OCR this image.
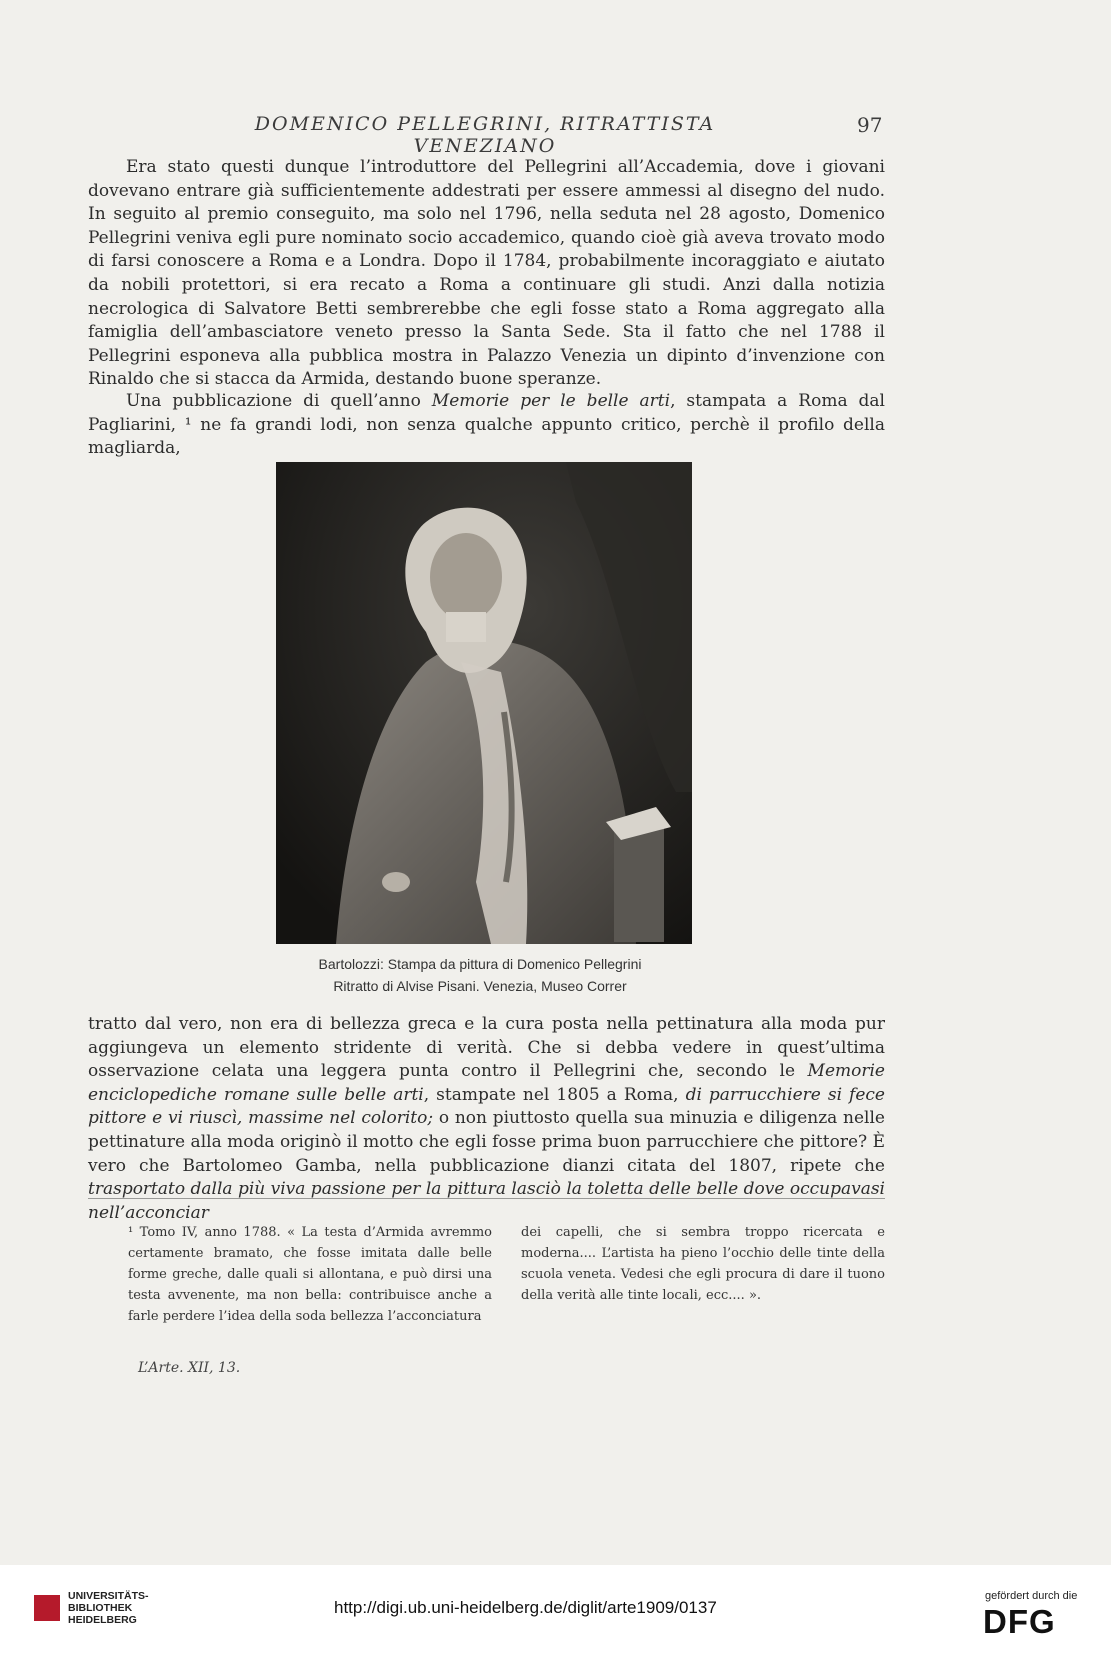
DOMENICO PELLEGRINI, RITRATTISTA VENEZIANO
97

Era stato questi dunque l’introduttore del Pellegrini all’Accademia, dove i giovani dovevano entrare già sufficientemente addestrati per essere ammessi al disegno del nudo. In seguito al premio conseguito, ma solo nel 1796, nella seduta nel 28 agosto, Domenico Pellegrini veniva egli pure nominato socio accademico, quando cioè già aveva trovato modo di farsi conoscere a Roma e a Londra. Dopo il 1784, probabilmente incoraggiato e aiutato da nobili protettori, si era recato a Roma a continuare gli studi. Anzi dalla notizia necrologica di Salvatore Betti sembrerebbe che egli fosse stato a Roma aggregato alla famiglia dell’ambasciatore veneto presso la Santa Sede. Sta il fatto che nel 1788 il Pellegrini esponeva alla pubblica mostra in Palazzo Venezia un dipinto d’invenzione con Rinaldo che si stacca da Armida, destando buone speranze.

Una pubblicazione di quell’anno Memorie per le belle arti, stampata a Roma dal Pagliarini, ¹ ne fa grandi lodi, non senza qualche appunto critico, perchè il profilo della magliarda,

Bartolozzi: Stampa da pittura di Domenico Pellegrini
Ritratto di Alvise Pisani. Venezia, Museo Correr

tratto dal vero, non era di bellezza greca e la cura posta nella pettinatura alla moda pur aggiungeva un elemento stridente di verità. Che si debba vedere in quest’ultima osservazione celata una leggera punta contro il Pellegrini che, secondo le Memorie enciclopediche romane sulle belle arti, stampate nel 1805 a Roma, di parrucchiere si fece pittore e vi riuscì, massime nel colorito; o non piuttosto quella sua minuzia e diligenza nelle pettinature alla moda originò il motto che egli fosse prima buon parrucchiere che pittore? È vero che Bartolomeo Gamba, nella pubblicazione dianzi citata del 1807, ripete che trasportato dalla più viva passione per la pittura lasciò la toletta delle belle dove occupavasi nell’acconciar

¹ Tomo IV, anno 1788. « La testa d’Armida avremmo certamente bramato, che fosse imitata dalle belle forme greche, dalle quali si allontana, e può dirsi una testa avvenente, ma non bella: contribuisce anche a farle perdere l’idea della soda bellezza l’acconciatura

dei capelli, che si sembra troppo ricercata e moderna.... L’artista ha pieno l’occhio delle tinte della scuola veneta. Vedesi che egli procura di dare il tuono della verità alle tinte locali, ecc.... ».

L’Arte. XII, 13.
UNIVERSITÄTS-
BIBLIOTHEK
HEIDELBERG
http://digi.ub.uni-heidelberg.de/diglit/arte1909/0137
gefördert durch die
DFG
